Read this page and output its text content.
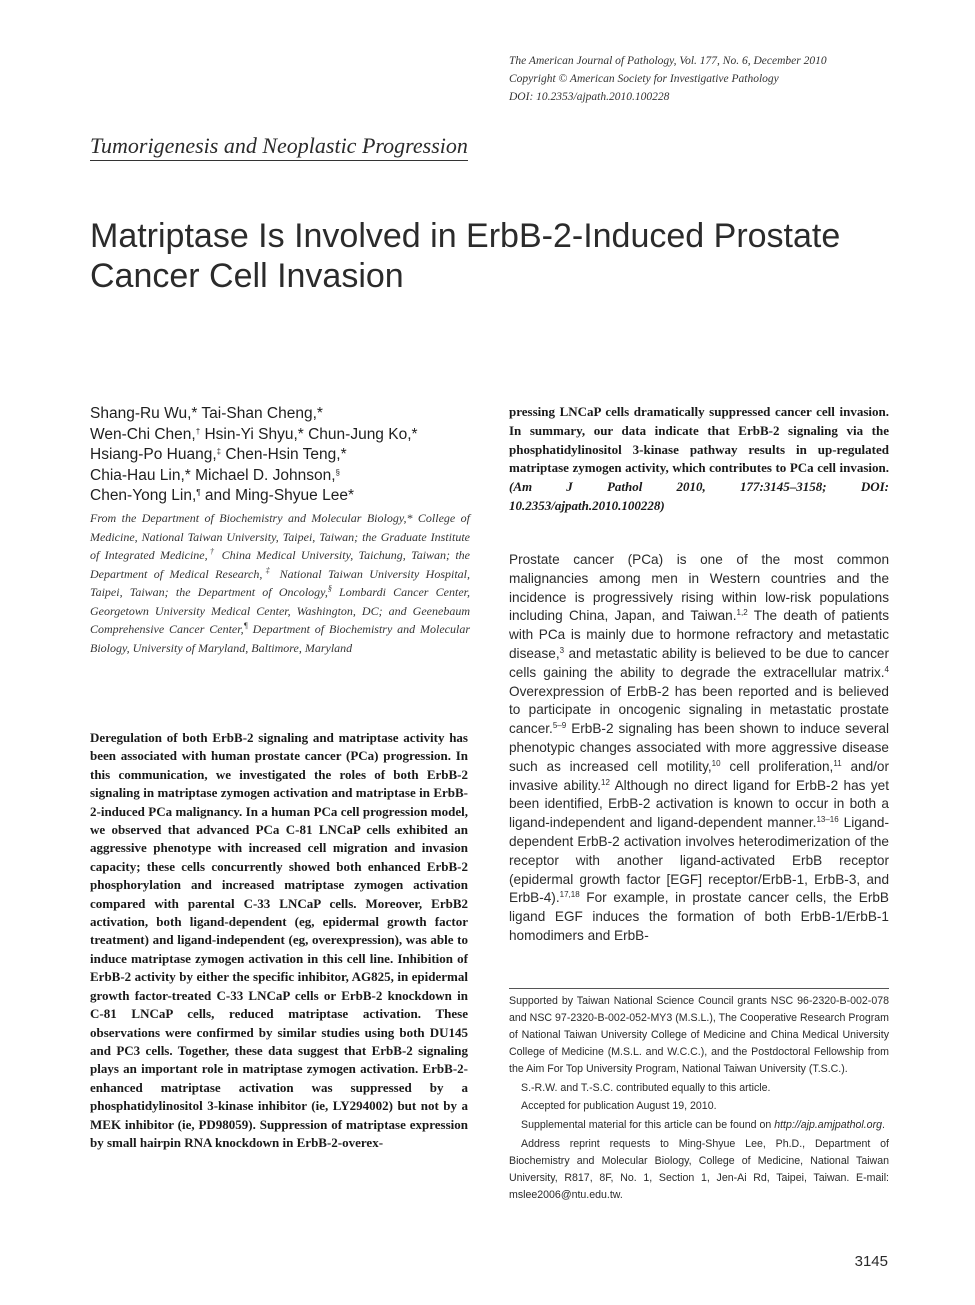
The American Journal of Pathology, Vol. 177, No. 6, December 2010
Copyright © American Society for Investigative Pathology
DOI: 10.2353/ajpath.2010.100228
Tumorigenesis and Neoplastic Progression
Matriptase Is Involved in ErbB-2-Induced Prostate Cancer Cell Invasion
Shang-Ru Wu,* Tai-Shan Cheng,*
Wen-Chi Chen,† Hsin-Yi Shyu,* Chun-Jung Ko,*
Hsiang-Po Huang,‡ Chen-Hsin Teng,*
Chia-Hau Lin,* Michael D. Johnson,§
Chen-Yong Lin,¶ and Ming-Shyue Lee*
From the Department of Biochemistry and Molecular Biology,* College of Medicine, National Taiwan University, Taipei, Taiwan; the Graduate Institute of Integrated Medicine,† China Medical University, Taichung, Taiwan; the Department of Medical Research,‡ National Taiwan University Hospital, Taipei, Taiwan; the Department of Oncology,§ Lombardi Cancer Center, Georgetown University Medical Center, Washington, DC; and Geenebaum Comprehensive Cancer Center,¶ Department of Biochemistry and Molecular Biology, University of Maryland, Baltimore, Maryland
Deregulation of both ErbB-2 signaling and matriptase activity has been associated with human prostate cancer (PCa) progression. In this communication, we investigated the roles of both ErbB-2 signaling in matriptase zymogen activation and matriptase in ErbB-2-induced PCa malignancy. In a human PCa cell progression model, we observed that advanced PCa C-81 LNCaP cells exhibited an aggressive phenotype with increased cell migration and invasion capacity; these cells concurrently showed both enhanced ErbB-2 phosphorylation and increased matriptase zymogen activation compared with parental C-33 LNCaP cells. Moreover, ErbB2 activation, both ligand-dependent (eg, epidermal growth factor treatment) and ligand-independent (eg, overexpression), was able to induce matriptase zymogen activation in this cell line. Inhibition of ErbB-2 activity by either the specific inhibitor, AG825, in epidermal growth factor-treated C-33 LNCaP cells or ErbB-2 knockdown in C-81 LNCaP cells, reduced matriptase activation. These observations were confirmed by similar studies using both DU145 and PC3 cells. Together, these data suggest that ErbB-2 signaling plays an important role in matriptase zymogen activation. ErbB-2-enhanced matriptase activation was suppressed by a phosphatidylinositol 3-kinase inhibitor (ie, LY294002) but not by a MEK inhibitor (ie, PD98059). Suppression of matriptase expression by small hairpin RNA knockdown in ErbB-2-overex-
pressing LNCaP cells dramatically suppressed cancer cell invasion. In summary, our data indicate that ErbB-2 signaling via the phosphatidylinositol 3-kinase pathway results in up-regulated matriptase zymogen activity, which contributes to PCa cell invasion. (Am J Pathol 2010, 177:3145–3158; DOI: 10.2353/ajpath.2010.100228)
Prostate cancer (PCa) is one of the most common malignancies among men in Western countries and the incidence is progressively rising within low-risk populations including China, Japan, and Taiwan.$^{1,2}$ The death of patients with PCa is mainly due to hormone refractory and metastatic disease,$^3$ and metastatic ability is believed to be due to cancer cells gaining the ability to degrade the extracellular matrix.$^4$ Overexpression of ErbB-2 has been reported and is believed to participate in oncogenic signaling in metastatic prostate cancer.$^{5-9}$ ErbB-2 signaling has been shown to induce several phenotypic changes associated with more aggressive disease such as increased cell motility,$^{10}$ cell proliferation,$^{11}$ and/or invasive ability.$^{12}$ Although no direct ligand for ErbB-2 has yet been identified, ErbB-2 activation is known to occur in both a ligand-independent and ligand-dependent manner.$^{13-16}$ Ligand-dependent ErbB-2 activation involves heterodimerization of the receptor with another ligand-activated ErbB receptor (epidermal growth factor [EGF] receptor/ErbB-1, ErbB-3, and ErbB-4).$^{17,18}$ For example, in prostate cancer cells, the ErbB ligand EGF induces the formation of both ErbB-1/ErbB-1 homodimers and ErbB-

Supported by Taiwan National Science Council grants NSC 96-2320-B-002-078 and NSC 97-2320-B-002-052-MY3 (M.S.L.), The Cooperative Research Program of National Taiwan University College of Medicine and China Medical University College of Medicine (M.S.L. and W.C.C.), and the Postdoctoral Fellowship from the Aim For Top University Program, National Taiwan University (T.S.C.).

S.-R.W. and T.-S.C. contributed equally to this article.

Accepted for publication August 19, 2010.

Supplemental material for this article can be found on http://ajp.amjpathol.org.

Address reprint requests to Ming-Shyue Lee, Ph.D., Department of Biochemistry and Molecular Biology, College of Medicine, National Taiwan University, R817, 8F, No. 1, Section 1, Jen-Ai Rd, Taipei, Taiwan. E-mail: mslee2006@ntu.edu.tw.

3145
